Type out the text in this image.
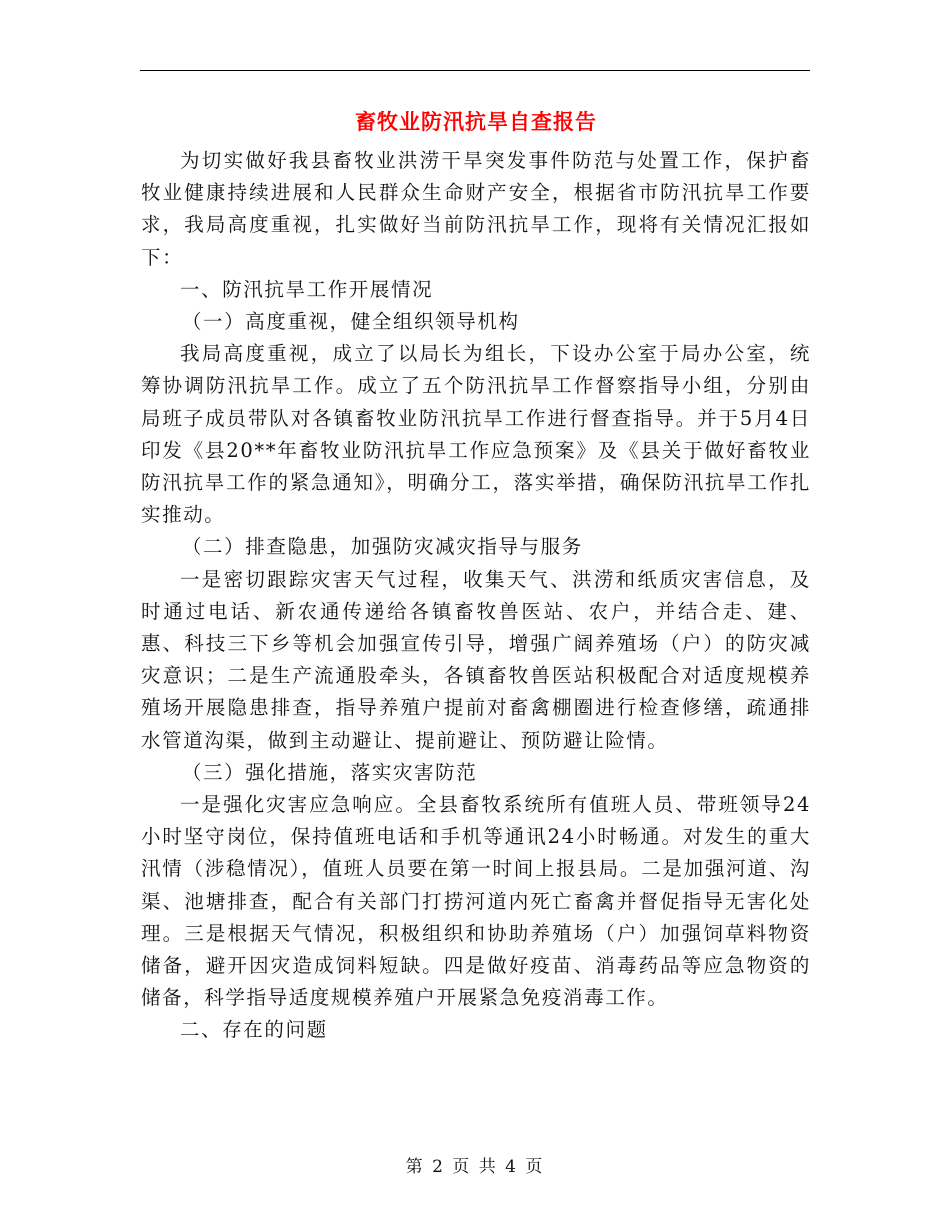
畜牧业防汛抗旱自查报告

为切实做好我县畜牧业洪涝干旱突发事件防范与处置工作，保护畜牧业健康持续进展和人民群众生命财产安全，根据省市防汛抗旱工作要求，我局高度重视，扎实做好当前防汛抗旱工作，现将有关情况汇报如下：

一、防汛抗旱工作开展情况

（一）高度重视，健全组织领导机构

我局高度重视，成立了以局长为组长，下设办公室于局办公室，统筹协调防汛抗旱工作。成立了五个防汛抗旱工作督察指导小组，分别由局班子成员带队对各镇畜牧业防汛抗旱工作进行督查指导。并于5月4日印发《县20**年畜牧业防汛抗旱工作应急预案》及《县关于做好畜牧业防汛抗旱工作的紧急通知》，明确分工，落实举措，确保防汛抗旱工作扎实推动。

（二）排查隐患，加强防灾减灾指导与服务

一是密切跟踪灾害天气过程，收集天气、洪涝和纸质灾害信息，及时通过电话、新农通传递给各镇畜牧兽医站、农户，并结合走、建、惠、科技三下乡等机会加强宣传引导，增强广阔养殖场（户）的防灾减灾意识；二是生产流通股牵头，各镇畜牧兽医站积极配合对适度规模养殖场开展隐患排查，指导养殖户提前对畜禽棚圈进行检查修缮，疏通排水管道沟渠，做到主动避让、提前避让、预防避让险情。

（三）强化措施，落实灾害防范

一是强化灾害应急响应。全县畜牧系统所有值班人员、带班领导24小时坚守岗位，保持值班电话和手机等通讯24小时畅通。对发生的重大汛情（涉稳情况），值班人员要在第一时间上报县局。二是加强河道、沟渠、池塘排查，配合有关部门打捞河道内死亡畜禽并督促指导无害化处理。三是根据天气情况，积极组织和协助养殖场（户）加强饲草料物资储备，避开因灾造成饲料短缺。四是做好疫苗、消毒药品等应急物资的储备，科学指导适度规模养殖户开展紧急免疫消毒工作。

二、存在的问题

第 2 页 共 4 页
